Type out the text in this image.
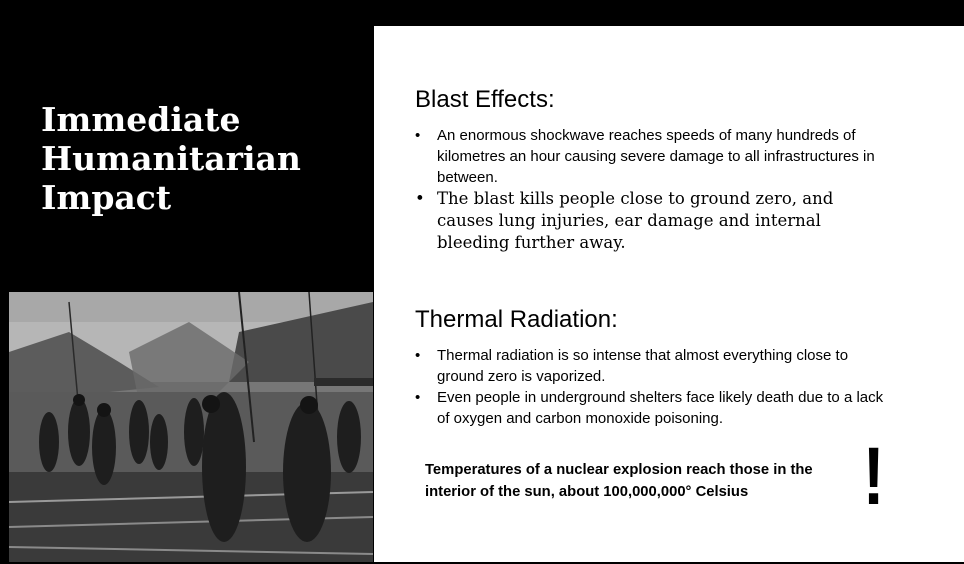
Immediate
Humanitarian
Impact
Blast Effects:
• An enormous shockwave reaches speeds of many hundreds of kilometres an hour causing severe damage to all infrastructures in between.
• The blast kills people close to ground zero, and causes lung injuries, ear damage and internal bleeding further away.
Thermal Radiation:
• Thermal radiation is so intense that almost everything close to ground zero is vaporized.
• Even people in underground shelters face likely death due to a lack of oxygen and carbon monoxide poisoning.

Temperatures of a nuclear explosion reach those in the interior of the sun, about 100,000,000° Celsius	!
